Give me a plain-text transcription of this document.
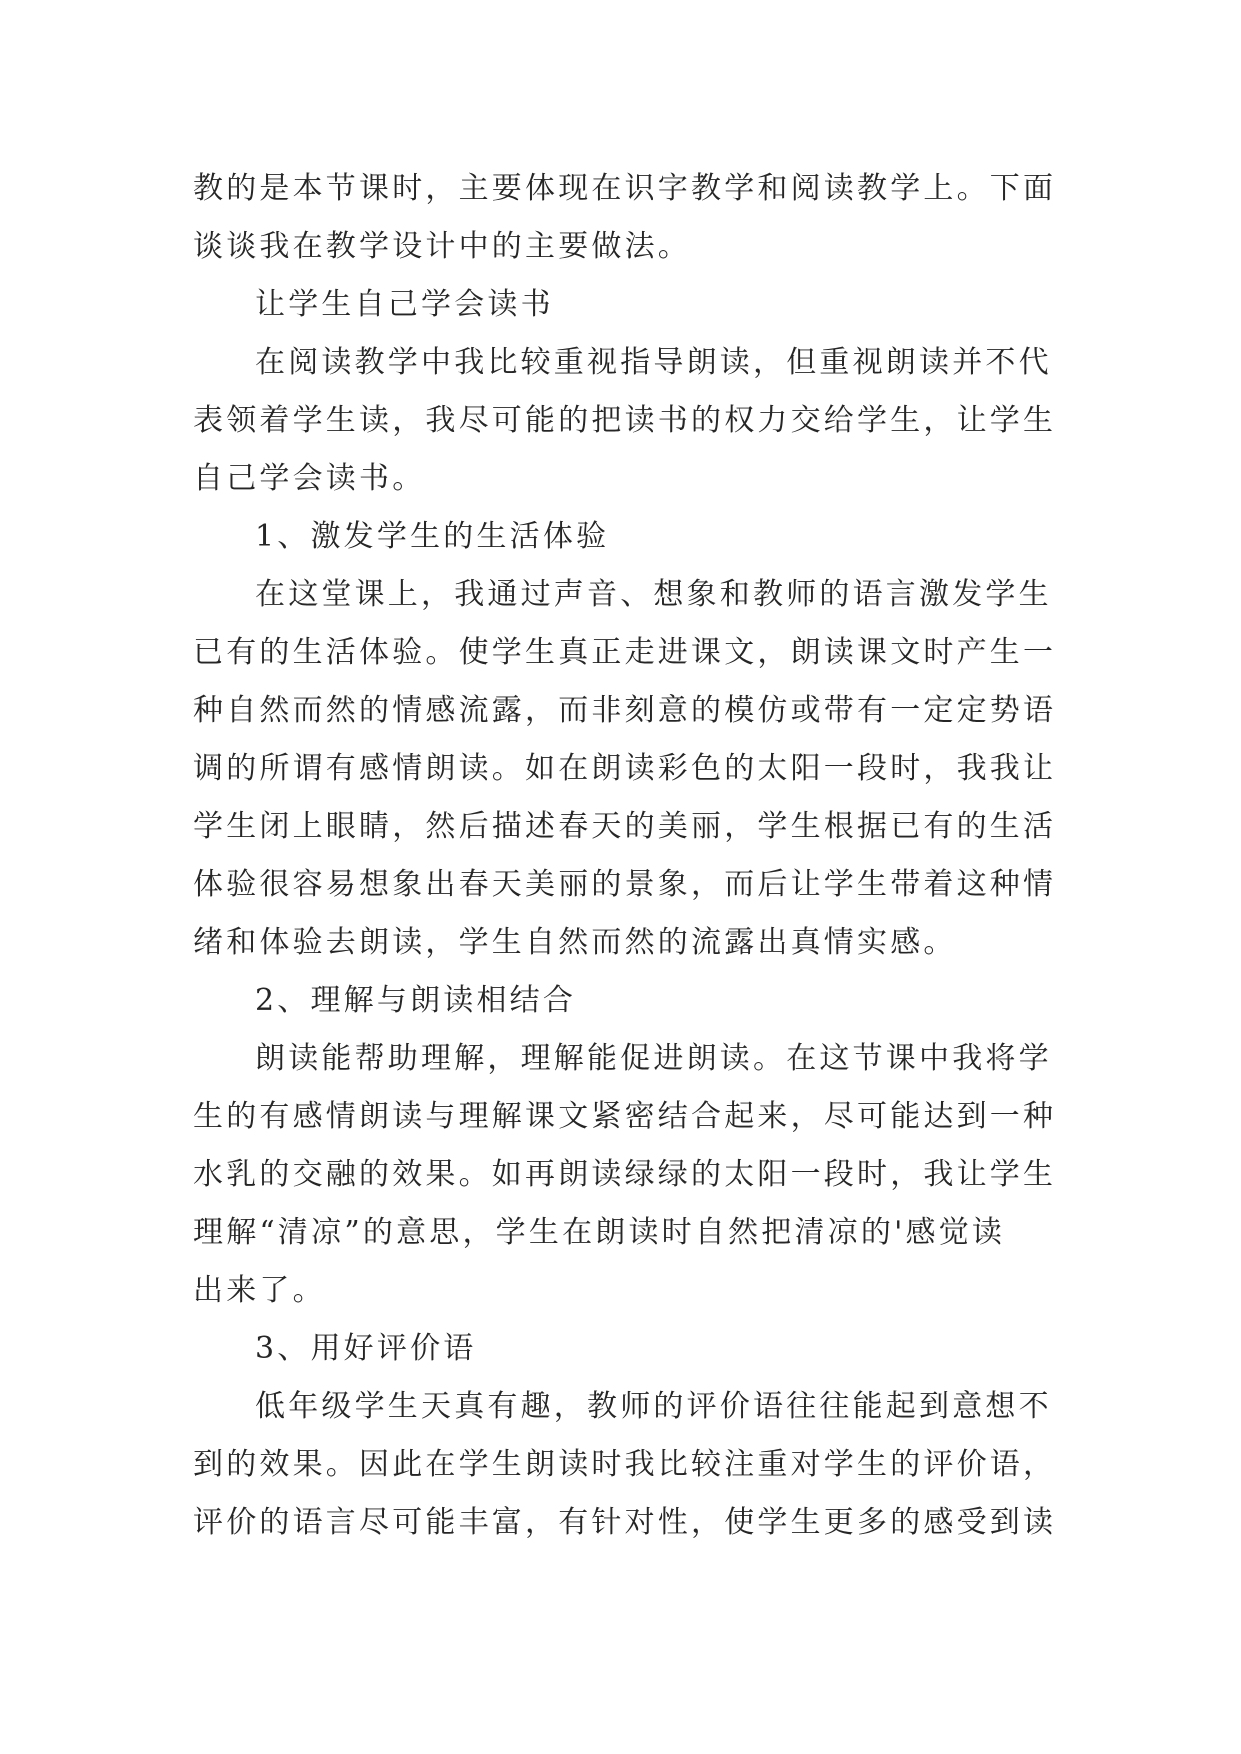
教的是本节课时，主要体现在识字教学和阅读教学上。下面
谈谈我在教学设计中的主要做法。
让学生自己学会读书
在阅读教学中我比较重视指导朗读，但重视朗读并不代
表领着学生读，我尽可能的把读书的权力交给学生，让学生
自己学会读书。
1、激发学生的生活体验
在这堂课上，我通过声音、想象和教师的语言激发学生
已有的生活体验。使学生真正走进课文，朗读课文时产生一
种自然而然的情感流露，而非刻意的模仿或带有一定定势语
调的所谓有感情朗读。如在朗读彩色的太阳一段时，我我让
学生闭上眼睛，然后描述春天的美丽，学生根据已有的生活
体验很容易想象出春天美丽的景象，而后让学生带着这种情
绪和体验去朗读，学生自然而然的流露出真情实感。
2、理解与朗读相结合
朗读能帮助理解，理解能促进朗读。在这节课中我将学
生的有感情朗读与理解课文紧密结合起来，尽可能达到一种
水乳的交融的效果。如再朗读绿绿的太阳一段时，我让学生
理解“清凉”的意思，学生在朗读时自然把清凉的'感觉读
出来了。
3、用好评价语
低年级学生天真有趣，教师的评价语往往能起到意想不
到的效果。因此在学生朗读时我比较注重对学生的评价语，
评价的语言尽可能丰富，有针对性，使学生更多的感受到读
